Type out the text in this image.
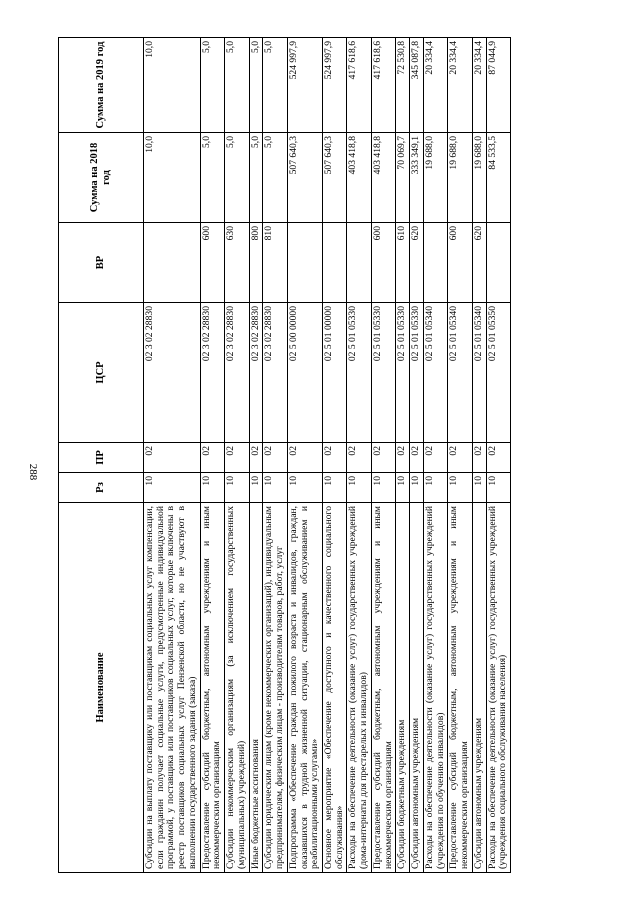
288
Наименование	Рз	ПР	ЦСР	ВР	Сумма на 2018 год	Сумма на 2019 год
Субсидии на выплату поставщику или поставщикам социальных услуг компенсации, если гражданин получает социальные услуги, предусмотренные индивидуальной программой, у поставщика или поставщиков социальных услуг, которые включены в реестр поставщиков социальных услуг Пензенской области, но не участвуют в выполнении государственного задания (заказа)	10	02	02 3 02 28830		10,0	10,0
Предоставление субсидий бюджетным, автономным учреждениям и иным некоммерческим организациям	10	02	02 3 02 28830	600	5,0	5,0
Субсидии некоммерческим организациям (за исключением государственных (муниципальных) учреждений)	10	02	02 3 02 28830	630	5,0	5,0
Иные бюджетные ассигнования	10	02	02 3 02 28830	800	5,0	5,0
Субсидии юридическим лицам (кроме некоммерческих организаций), индивидуальным предпринимателям, физическим лицам - производителям товаров, работ, услуг	10	02	02 3 02 28830	810	5,0	5,0
Подпрограмма «Обеспечение граждан пожилого возраста и инвалидов, граждан, оказавшихся в трудной жизненной ситуации, стационарным обслуживанием и реабилитационными услугами»	10	02	02 5 00 00000		507 640,3	524 997,9
Основное мероприятие «Обеспечение доступного и качественного социального обслуживания»	10	02	02 5 01 00000		507 640,3	524 997,9
Расходы на обеспечение деятельности (оказание услуг) государственных учреждений (дома-интернаты для престарелых и инвалидов)	10	02	02 5 01 05330		403 418,8	417 618,6
Предоставление субсидий бюджетным, автономным учреждениям и иным некоммерческим организациям	10	02	02 5 01 05330	600	403 418,8	417 618,6
Субсидии бюджетным учреждениям	10	02	02 5 01 05330	610	70 069,7	72 530,8
Субсидии автономным учреждениям	10	02	02 5 01 05330	620	333 349,1	345 087,8
Расходы на обеспечение деятельности (оказание услуг) государственных учреждений (учреждения по обучению инвалидов)	10	02	02 5 01 05340		19 688,0	20 334,4
Предоставление субсидий бюджетным, автономным учреждениям и иным некоммерческим организациям	10	02	02 5 01 05340	600	19 688,0	20 334,4
Субсидии автономным учреждениям	10	02	02 5 01 05340	620	19 688,0	20 334,4
Расходы на обеспечение деятельности (оказание услуг) государственных учреждений (учреждения социального обслуживания населения)	10	02	02 5 01 05350		84 533,5	87 044,9
